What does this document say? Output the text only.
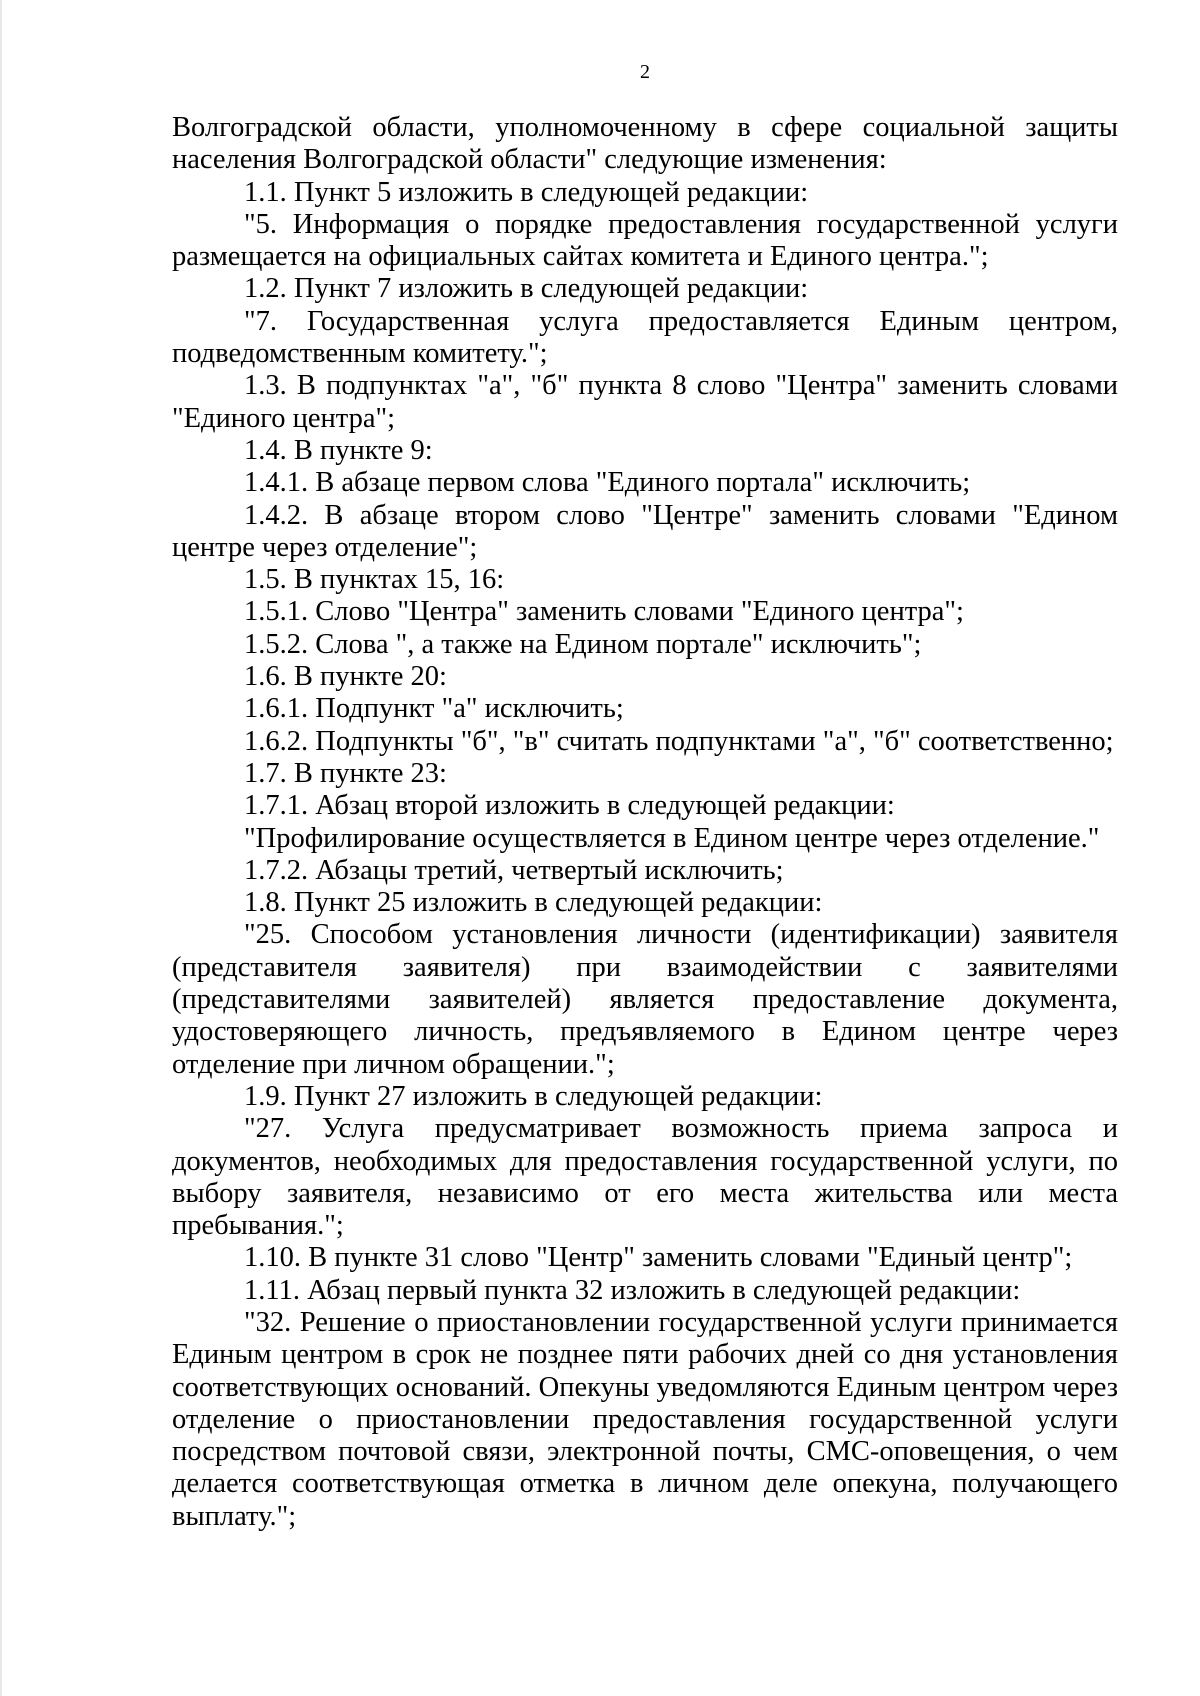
2

Волгоградской области, уполномоченному в сфере социальной защиты населения Волгоградской области" следующие изменения:

1.1. Пункт 5 изложить в следующей редакции:

"5. Информация о порядке предоставления государственной услуги размещается на официальных сайтах комитета и Единого центра.";

1.2. Пункт 7 изложить в следующей редакции:

"7. Государственная услуга предоставляется Единым центром, подведомственным комитету.";

1.3. В подпунктах "а", "б" пункта 8 слово "Центра" заменить словами "Единого центра";

1.4. В пункте 9:

1.4.1. В абзаце первом слова "Единого портала" исключить;

1.4.2. В абзаце втором слово "Центре" заменить словами "Едином центре через отделение";

1.5. В пунктах 15, 16:

1.5.1. Слово "Центра" заменить словами "Единого центра";

1.5.2. Слова ", а также на Едином портале" исключить";

1.6. В пункте 20:

1.6.1. Подпункт "а" исключить;

1.6.2. Подпункты "б", "в" считать подпунктами "а", "б" соответственно;

1.7. В пункте 23:

1.7.1. Абзац второй изложить в следующей редакции:

"Профилирование осуществляется в Едином центре через отделение."

1.7.2. Абзацы третий, четвертый исключить;

1.8. Пункт 25 изложить в следующей редакции:

"25. Способом установления личности (идентификации) заявителя (представителя заявителя) при взаимодействии с заявителями (представителями заявителей) является предоставление документа, удостоверяющего личность, предъявляемого в Едином центре через отделение при личном обращении.";

1.9. Пункт 27 изложить в следующей редакции:

"27. Услуга предусматривает возможность приема запроса и документов, необходимых для предоставления государственной услуги, по выбору заявителя, независимо от его места жительства или места пребывания.";

1.10. В пункте 31 слово "Центр" заменить словами "Единый центр";

1.11. Абзац первый пункта 32 изложить в следующей редакции:

"32. Решение о приостановлении государственной услуги принимается Единым центром в срок не позднее пяти рабочих дней со дня установления соответствующих оснований. Опекуны уведомляются Единым центром через отделение о приостановлении предоставления государственной услуги посредством почтовой связи, электронной почты, СМС-оповещения, о чем делается соответствующая отметка в личном деле опекуна, получающего выплату.";
